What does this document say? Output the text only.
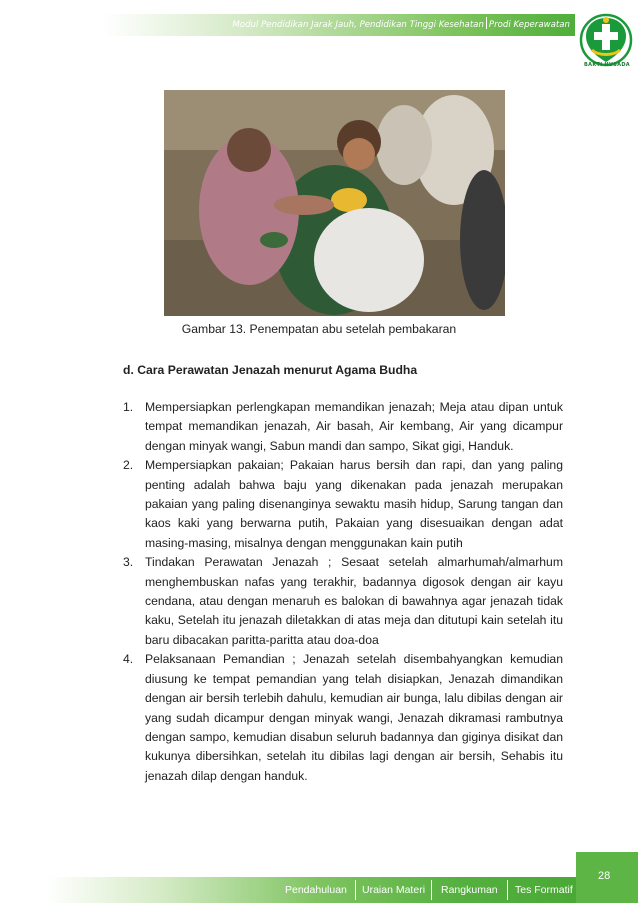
Modul Pendidikan Jarak Jauh, Pendidikan Tinggi Kesehatan Prodi Keperawatan
BAKTI HUSADA
Gambar 13. Penempatan abu setelah pembakaran
d. Cara Perawatan Jenazah menurut Agama Budha
1. Mempersiapkan perlengkapan memandikan jenazah; Meja atau dipan untuk tempat memandikan jenazah, Air basah, Air kembang, Air yang dicampur dengan minyak wangi, Sabun mandi dan sampo, Sikat gigi, Handuk.
2. Mempersiapkan pakaian; Pakaian harus bersih dan rapi, dan yang paling penting adalah bahwa baju yang dikenakan pada jenazah merupakan pakaian yang paling disenanginya sewaktu masih hidup, Sarung tangan dan kaos kaki yang berwarna putih, Pakaian yang disesuaikan dengan adat masing-masing, misalnya dengan menggunakan kain putih
3. Tindakan Perawatan Jenazah ; Sesaat setelah almarhumah/almarhum menghembuskan nafas yang terakhir, badannya digosok dengan air kayu cendana, atau dengan menaruh es balokan di bawahnya agar jenazah tidak kaku, Setelah itu jenazah diletakkan di atas meja dan ditutupi kain setelah itu baru dibacakan paritta-paritta atau doa-doa
4. Pelaksanaan Pemandian ; Jenazah setelah disembahyangkan kemudian diusung ke tempat pemandian yang telah disiapkan, Jenazah dimandikan dengan air bersih terlebih dahulu, kemudian air bunga, lalu dibilas dengan air yang sudah dicampur dengan minyak wangi, Jenazah dikramasi rambutnya dengan sampo, kemudian disabun seluruh badannya dan giginya disikat dan kukunya dibersihkan, setelah itu dibilas lagi dengan air bersih, Sehabis itu jenazah dilap dengan handuk.
28
Pendahuluan Uraian Materi Rangkuman Tes Formatif
